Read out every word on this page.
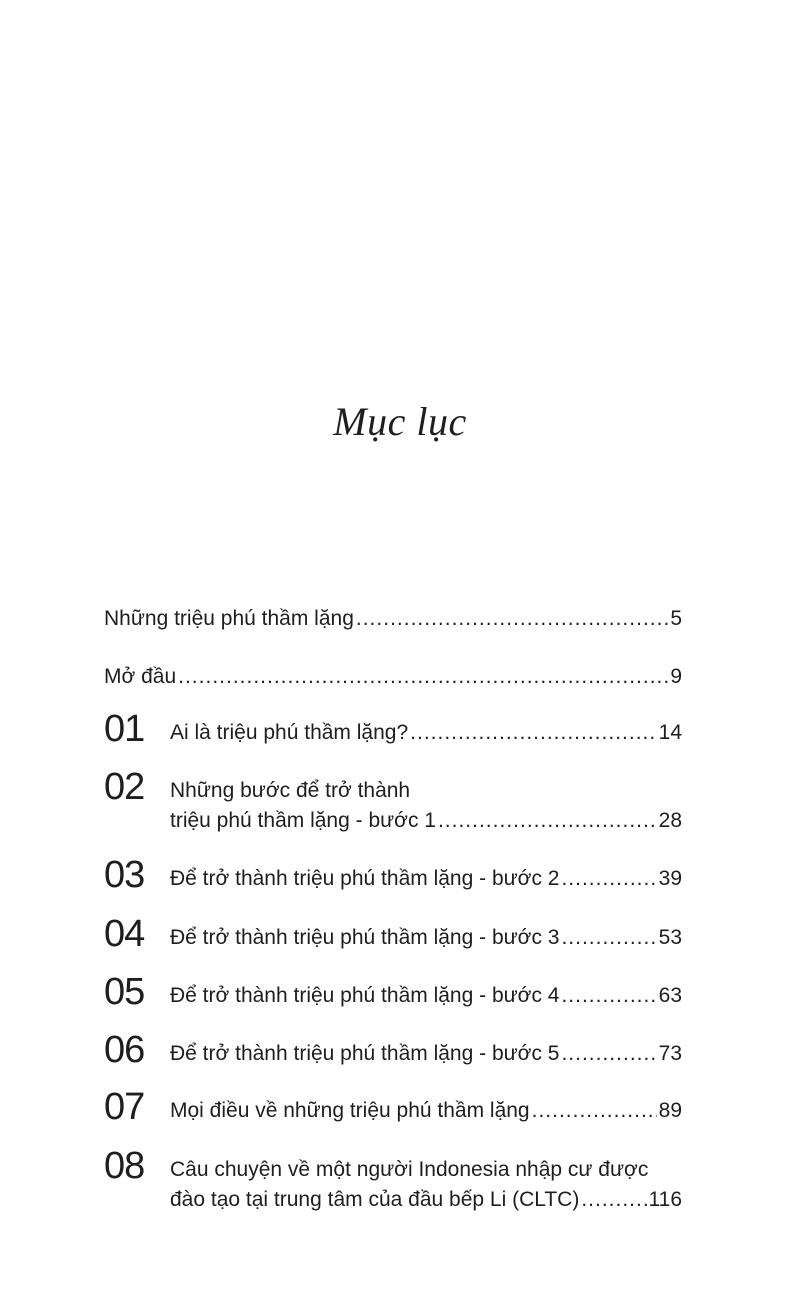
Mục lục
Những triệu phú thầm lặng .....	5
Mở đầu .....	9
01	Ai là triệu phú thầm lặng? .....	14
02	Những bước để trở thành
triệu phú thầm lặng - bước 1 .....	28
03	Để trở thành triệu phú thầm lặng - bước 2 .....	39
04	Để trở thành triệu phú thầm lặng - bước 3 .....	53
05	Để trở thành triệu phú thầm lặng - bước 4 .....	63
06	Để trở thành triệu phú thầm lặng - bước 5 .....	73
07	Mọi điều về những triệu phú thầm lặng .....	89
08	Câu chuyện về một người Indonesia nhập cư được
đào tạo tại trung tâm của đầu bếp Li (CLTC) .....	116
